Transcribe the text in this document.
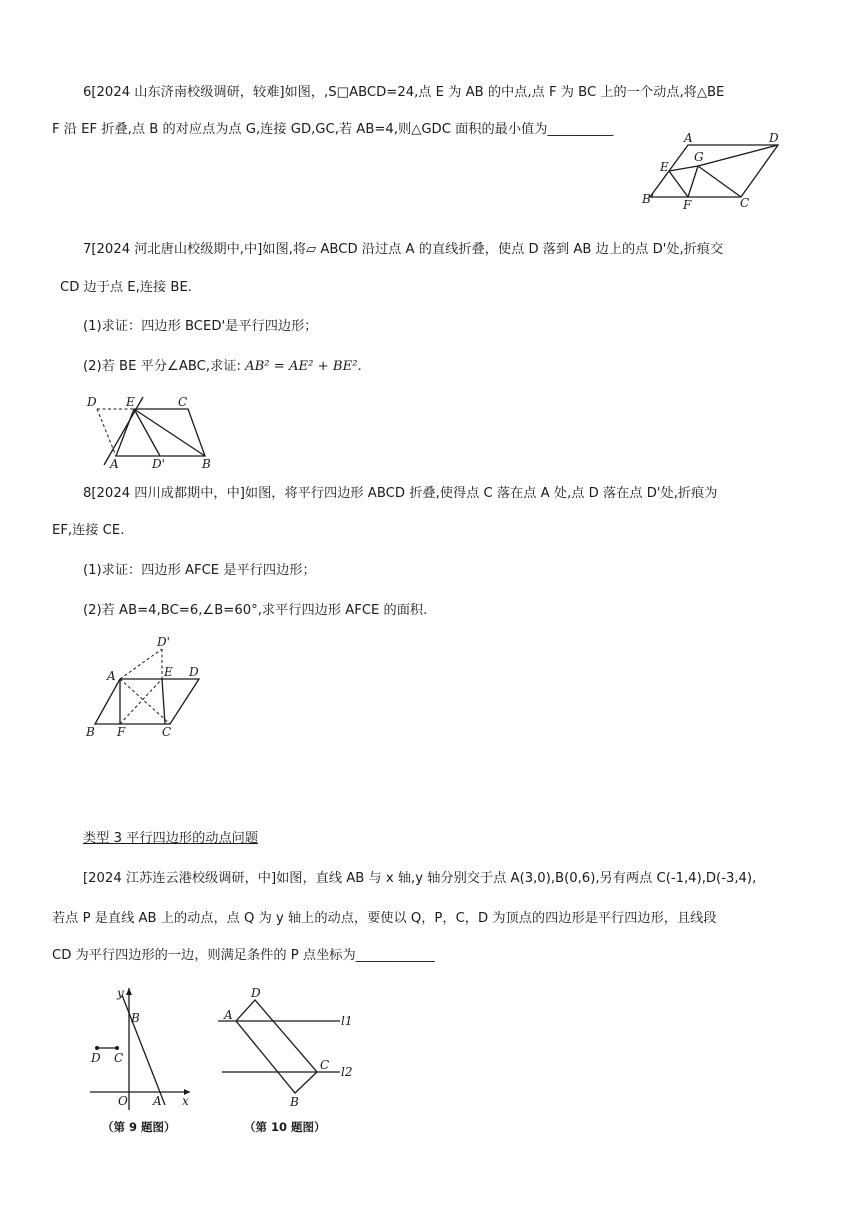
6[2024 山东济南校级调研，较难]如图，,S□ABCD=24,点 E 为 AB 的中点,点 F 为 BC 上的一个动点,将△BE
F 沿 EF 折叠,点 B 的对应点为点 G,连接 GD,GC,若 AB=4,则△GDC 面积的最小值为__________
A	D
E
G
B' F	C
7[2024 河北唐山校级期中,中]如图,将▱ ABCD 沿过点 A 的直线折叠，使点 D 落到 AB 边上的点 D'处,折痕交
CD 边于点 E,连接 BE.
(1)求证：四边形 BCED'是平行四边形；
(2)若 BE 平分∠ABC,求证: AB² = AE² + BE².
D E	C
A	D'	B
8[2024 四川成都期中，中]如图，将平行四边形 ABCD 折叠,使得点 C 落在点 A 处,点 D 落在点 D'处,折痕为
EF,连接 CE.
(1)求证：四边形 AFCE 是平行四边形；
(2)若 AB=4,BC=6,∠B=60°,求平行四边形 AFCE 的面积.
D'
A	E D
B F	C
类型 3 平行四边形的动点问题
[2024 江苏连云港校级调研，中]如图，直线 AB 与 x 轴,y 轴分别交于点 A(3,0),B(0,6),另有两点 C(-1,4),D(-3,4),
若点 P 是直线 AB 上的动点，点 Q 为 y 轴上的动点，要使以 Q，P，C，D 为顶点的四边形是平行四边形，且线段
CD 为平行四边形的一边，则满足条件的 P 点坐标为____________
y
B
D C
O A x
（第 9 题图）
D
A	l1
C l2
B
（第 10 题图）
